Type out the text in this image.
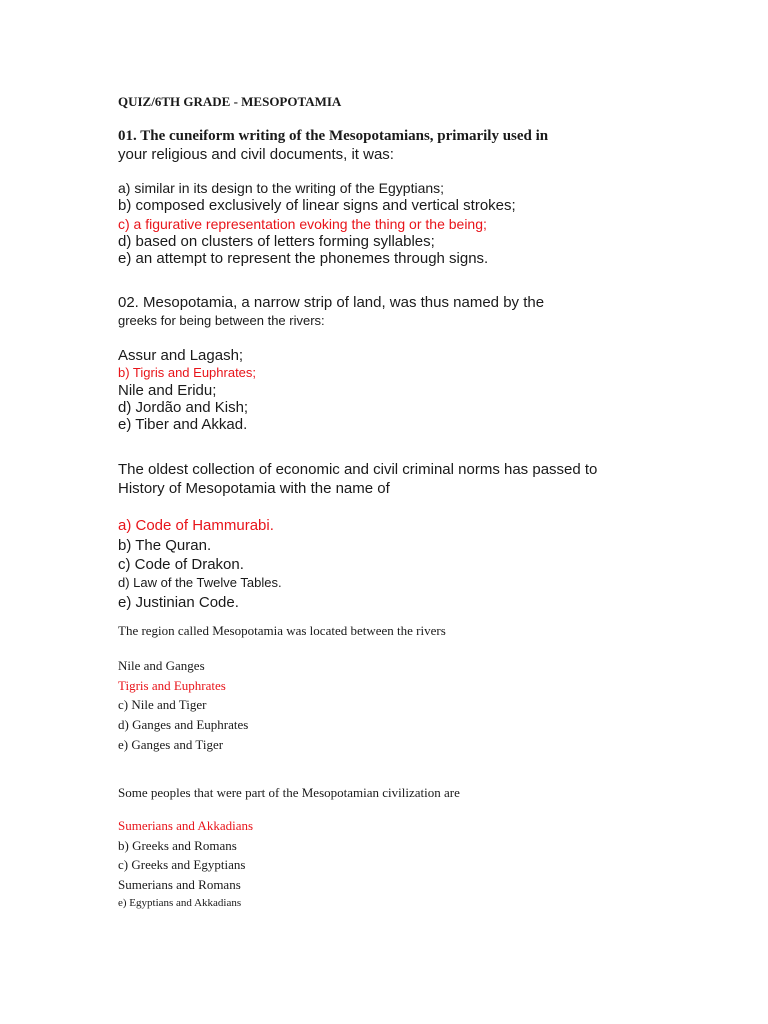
QUIZ/6TH GRADE - MESOPOTAMIA
01. The cuneiform writing of the Mesopotamians, primarily used in
your religious and civil documents, it was:
a) similar in its design to the writing of the Egyptians;
b) composed exclusively of linear signs and vertical strokes;
c) a figurative representation evoking the thing or the being;
d) based on clusters of letters forming syllables;
e) an attempt to represent the phonemes through signs.
02. Mesopotamia, a narrow strip of land, was thus named by the
greeks for being between the rivers:
Assur and Lagash;
b) Tigris and Euphrates;
Nile and Eridu;
d) Jordão and Kish;
e) Tiber and Akkad.
The oldest collection of economic and civil criminal norms has passed to
History of Mesopotamia with the name of
a) Code of Hammurabi.
b) The Quran.
c) Code of Drakon.
d) Law of the Twelve Tables.
e) Justinian Code.
The region called Mesopotamia was located between the rivers
Nile and Ganges
Tigris and Euphrates
c) Nile and Tiger
d) Ganges and Euphrates
e) Ganges and Tiger
Some peoples that were part of the Mesopotamian civilization are
Sumerians and Akkadians
b) Greeks and Romans
c) Greeks and Egyptians
Sumerians and Romans
e) Egyptians and Akkadians
